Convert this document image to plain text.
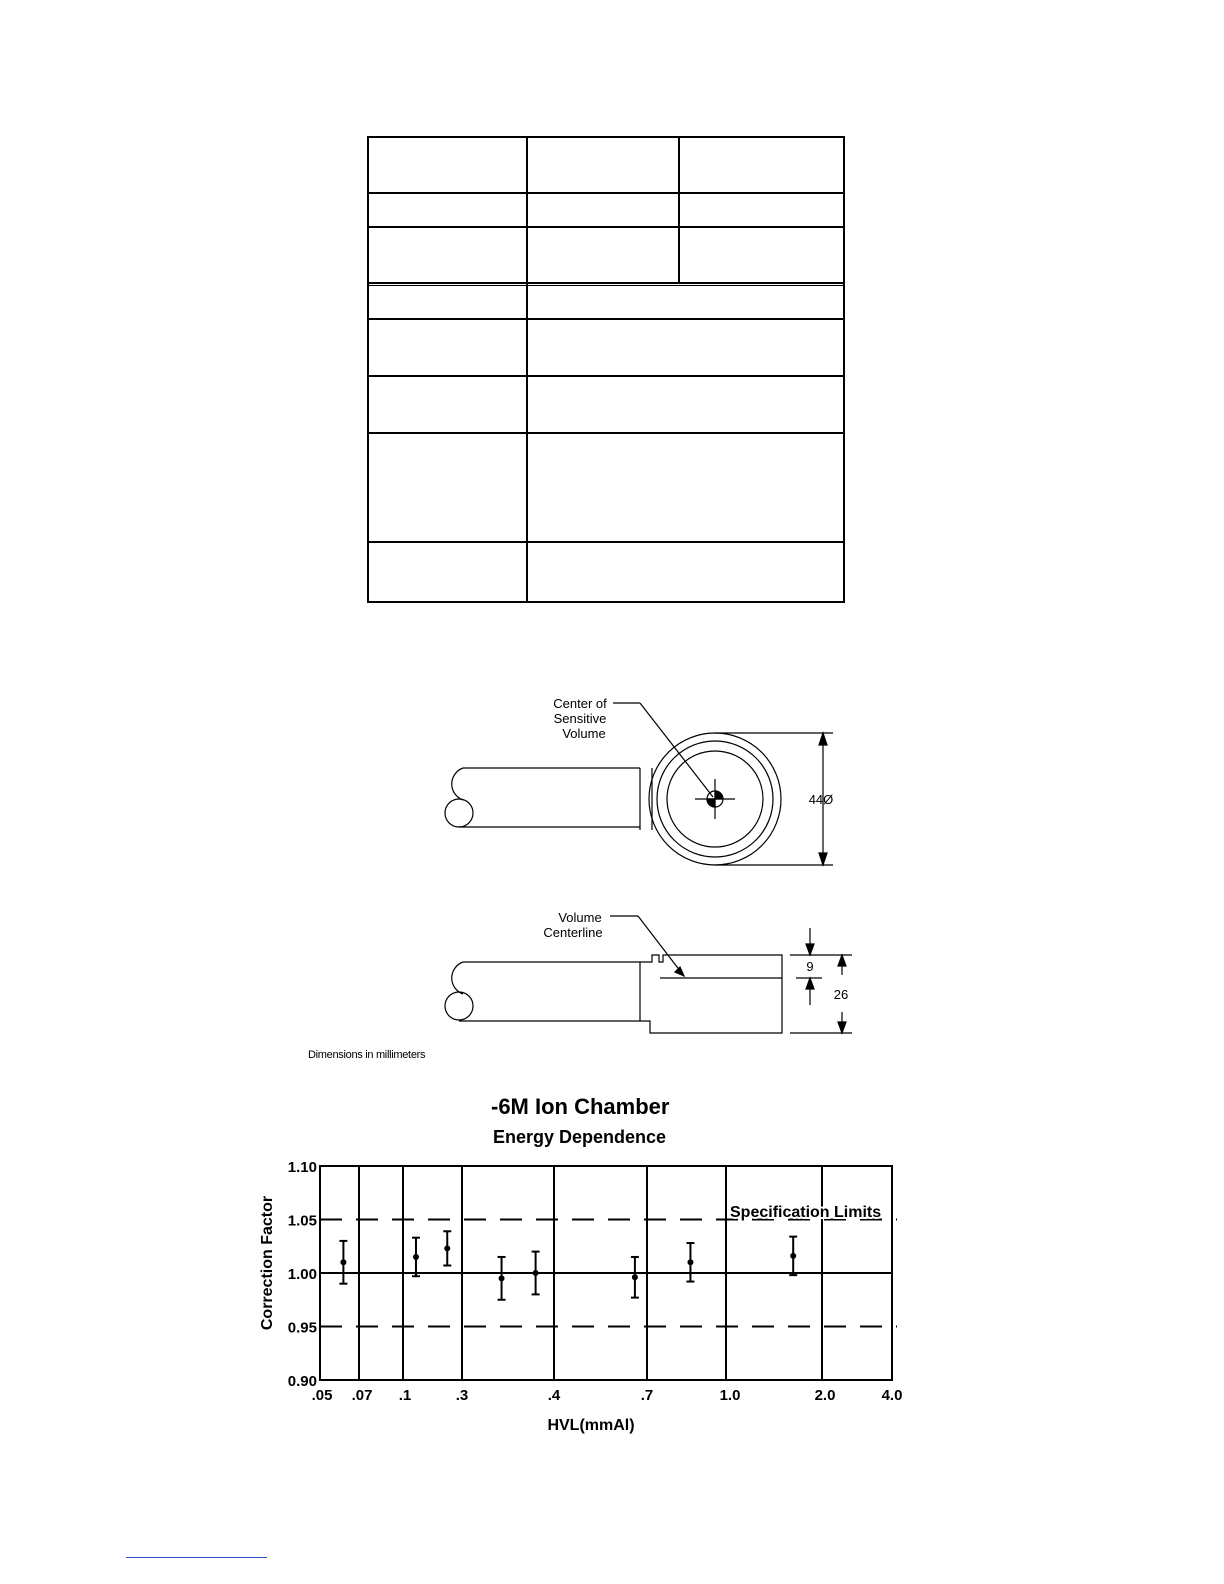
Center of
Sensitive
Volume
44Ø
Volume
Centerline
9
26
Dimensions in millimeters
-6M Ion Chamber
Energy Dependence
1.10
1.05
1.00
0.95
0.90
.05 .07 .1	.3	.4	.7	1.0	2.0	4.0
HVL(mmAl)
Correction Factor	Specification Limits
